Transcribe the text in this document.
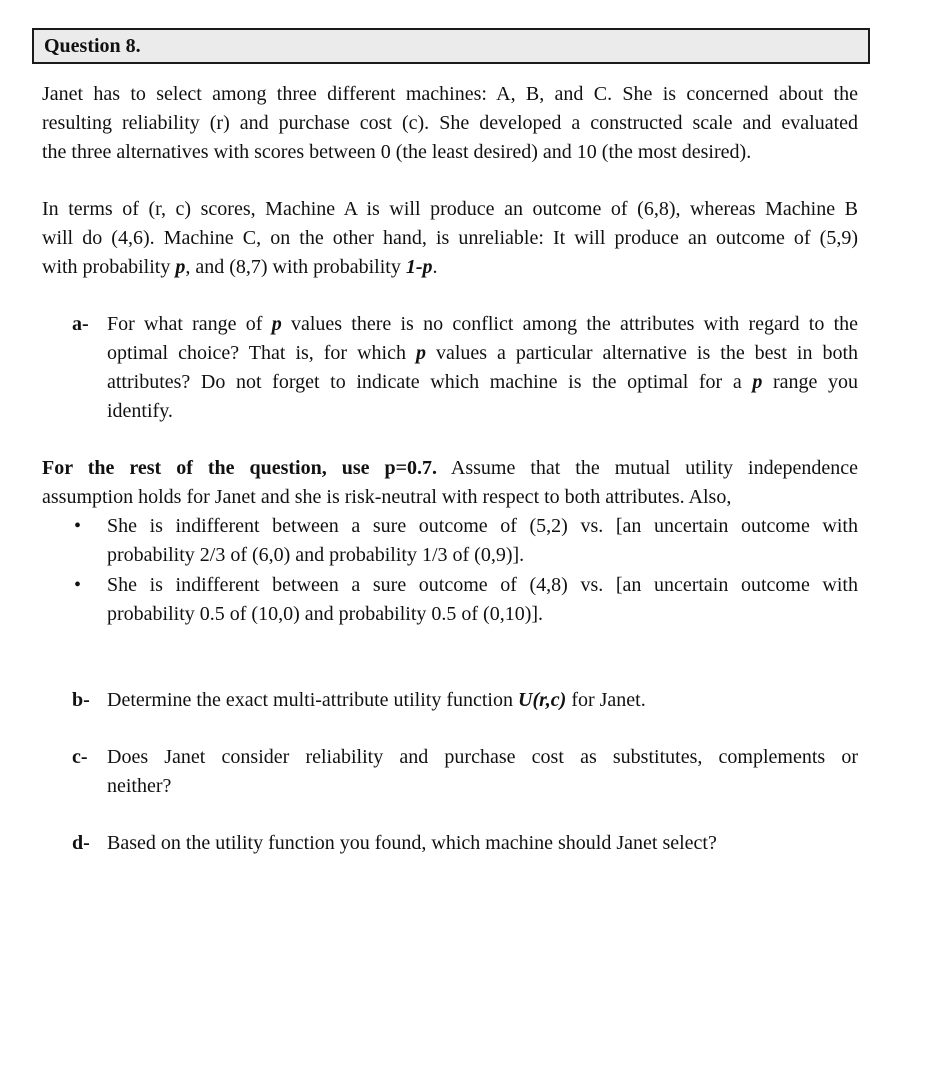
Question 8.
Janet has to select among three different machines: A, B, and C. She is concerned about the
resulting reliability (r) and purchase cost (c). She developed a constructed scale and evaluated
the three alternatives with scores between 0 (the least desired) and 10 (the most desired).
In terms of (r, c) scores, Machine A is will produce an outcome of (6,8), whereas Machine B
will do (4,6). Machine C, on the other hand, is unreliable: It will produce an outcome of (5,9)
with probability p, and (8,7) with probability 1-p.
a- For what range of p values there is no conflict among the attributes with regard to the
optimal choice? That is, for which p values a particular alternative is the best in both
attributes? Do not forget to indicate which machine is the optimal for a p range you
identify.
For the rest of the question, use p=0.7. Assume that the mutual utility independence
assumption holds for Janet and she is risk-neutral with respect to both attributes. Also,
• She is indifferent between a sure outcome of (5,2) vs. [an uncertain outcome with
probability 2/3 of (6,0) and probability 1/3 of (0,9)].
• She is indifferent between a sure outcome of (4,8) vs. [an uncertain outcome with
probability 0.5 of (10,0) and probability 0.5 of (0,10)].
b- Determine the exact multi-attribute utility function U(r,c) for Janet.
c- Does Janet consider reliability and purchase cost as substitutes, complements or
neither?
d- Based on the utility function you found, which machine should Janet select?
